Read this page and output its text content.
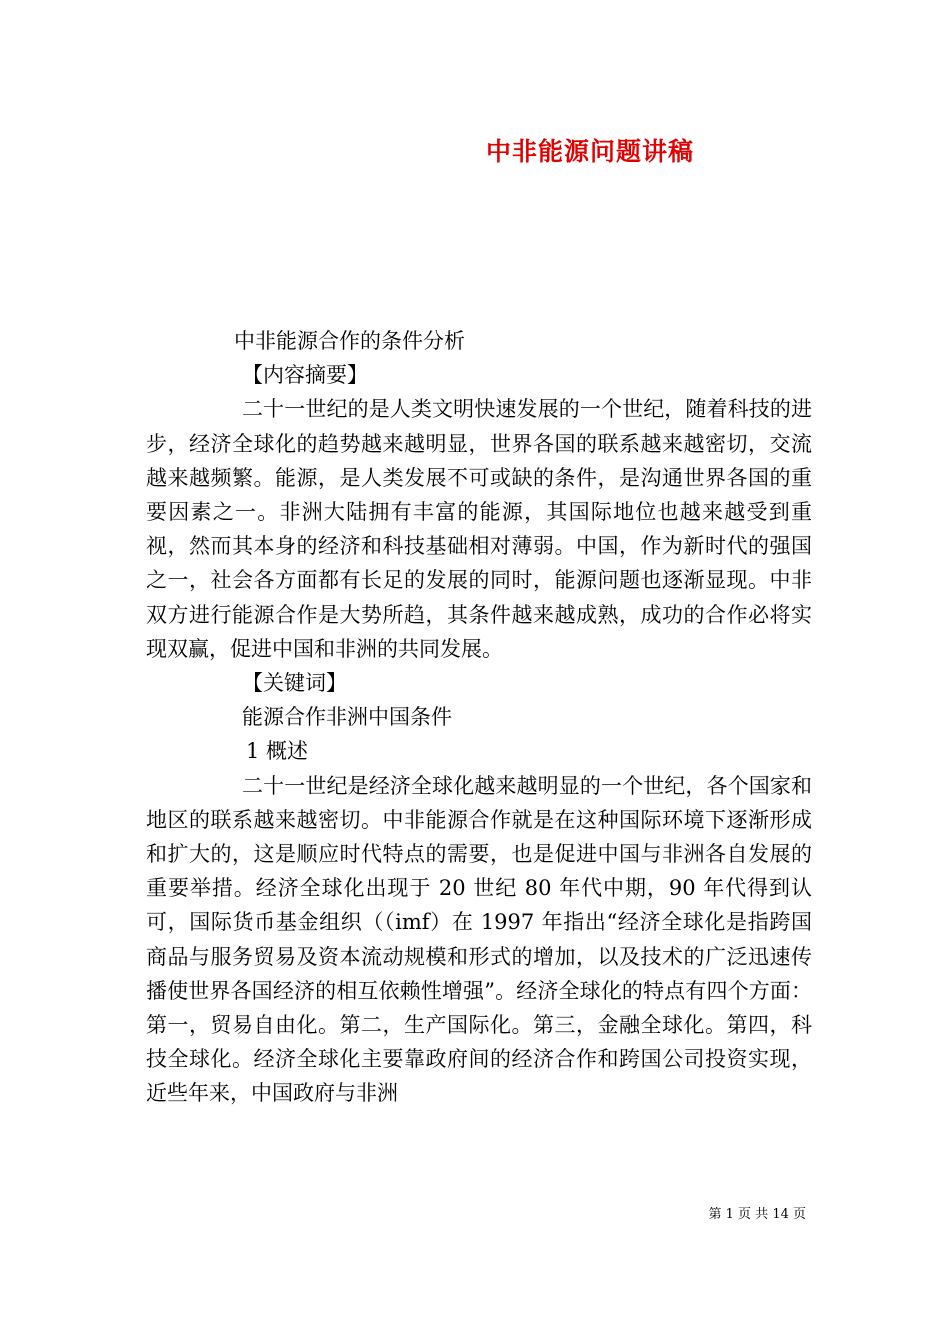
中非能源问题讲稿
中非能源合作的条件分析
【内容摘要】
二十一世纪的是人类文明快速发展的一个世纪，随着科技的进步，经济全球化的趋势越来越明显，世界各国的联系越来越密切，交流越来越频繁。能源，是人类发展不可或缺的条件，是沟通世界各国的重要因素之一。非洲大陆拥有丰富的能源，其国际地位也越来越受到重视，然而其本身的经济和科技基础相对薄弱。中国，作为新时代的强国之一，社会各方面都有长足的发展的同时，能源问题也逐渐显现。中非双方进行能源合作是大势所趋，其条件越来越成熟，成功的合作必将实现双赢，促进中国和非洲的共同发展。
【关键词】
能源合作非洲中国条件
1 概述
二十一世纪是经济全球化越来越明显的一个世纪，各个国家和地区的联系越来越密切。中非能源合作就是在这种国际环境下逐渐形成和扩大的，这是顺应时代特点的需要，也是促进中国与非洲各自发展的重要举措。经济全球化出现于 20 世纪 80 年代中期，90 年代得到认可，国际货币基金组织（（imf）在 1997 年指出“经济全球化是指跨国商品与服务贸易及资本流动规模和形式的增加，以及技术的广泛迅速传播使世界各国经济的相互依赖性增强”。经济全球化的特点有四个方面：第一，贸易自由化。第二，生产国际化。第三，金融全球化。第四，科技全球化。经济全球化主要靠政府间的经济合作和跨国公司投资实现，近些年来，中国政府与非洲
第 1 页 共 14 页
